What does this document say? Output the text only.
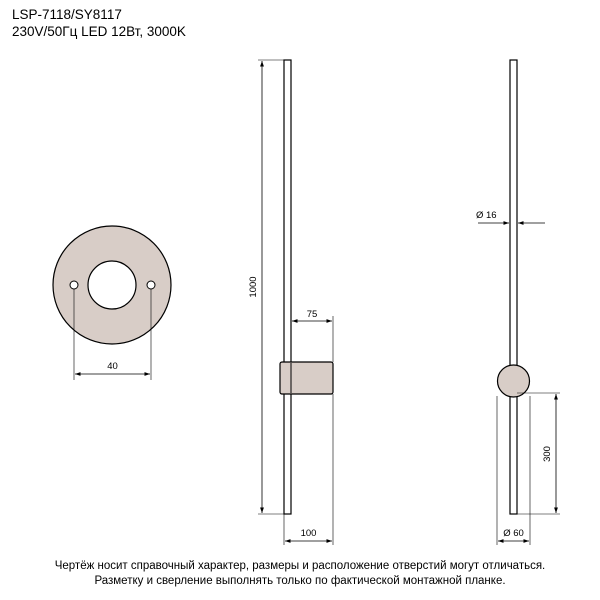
LSP-7118/SY8117
230V/50Гц LED 12Вт, 3000K
40
1000
75
100
Ø 16
300
Ø 60
Чертёж носит справочный характер, размеры и расположение отверстий могут отличаться.
Разметку и сверление выполнять только по фактической монтажной планке.
